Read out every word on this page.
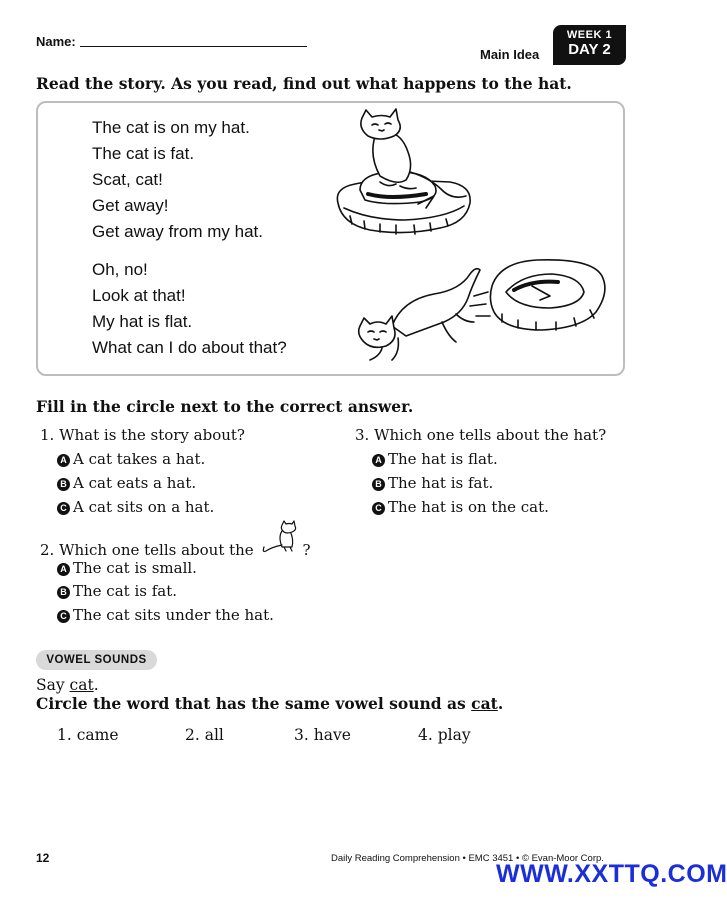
Name:
Main Idea
WEEK 1
DAY 2
Read the story. As you read, find out what happens to the hat.
The cat is on my hat.
The cat is fat.
Scat, cat!
Get away!
Get away from my hat.
Oh, no!
Look at that!
My hat is flat.
What can I do about that?
Fill in the circle next to the correct answer.
1. What is the story about?
A A cat takes a hat.
B A cat eats a hat.
C A cat sits on a hat.
2. Which one tells about the	?
A The cat is small.
B The cat is fat.
C The cat sits under the hat.
3. Which one tells about the hat?
A The hat is flat.
B The hat is fat.
C The hat is on the cat.
VOWEL SOUNDS
Say cat.
Circle the word that has the same vowel sound as cat.
1. came	2. all	3. have	4. play
12	Daily Reading Comprehension • EMC 3451 • © Evan-Moor Corp.
WWW.XXTTQ.COM
